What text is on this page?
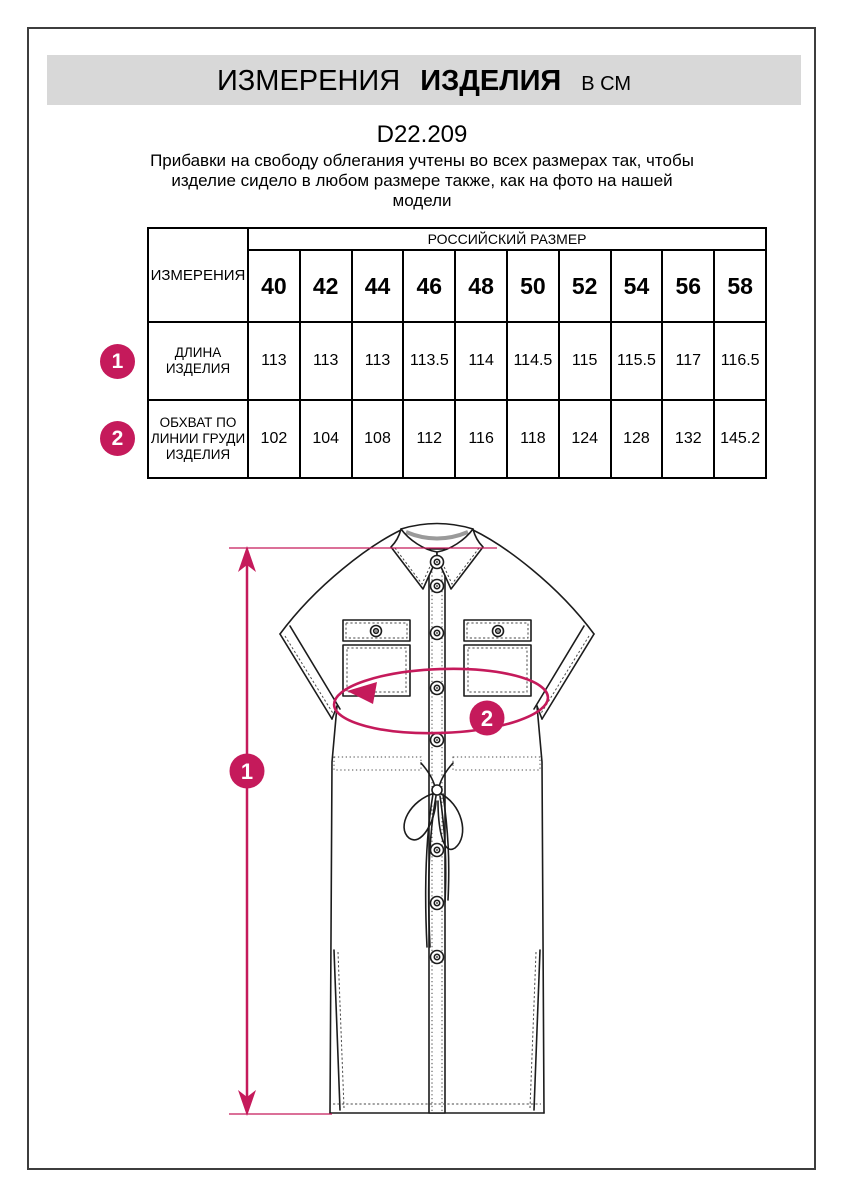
ИЗМЕРЕНИЯ ИЗДЕЛИЯ В СМ
D22.209
Прибавки на свободу облегания учтены во всех размерах так, чтобы
изделие сидело в любом размере также, как на фото на нашей
модели
ИЗМЕРЕНИЯ	РОССИЙСКИЙ РАЗМЕР									
	40	42	44	46	48	50	52	54	56	58
ДЛИНА ИЗДЕЛИЯ	113	113	113	113.5	114	114.5	115	115.5	117	116.5
ОБХВАТ ПО ЛИНИИ ГРУДИ ИЗДЕЛИЯ	102	104	108	112	116	118	124	128	132	145.2
1
2
1
2
